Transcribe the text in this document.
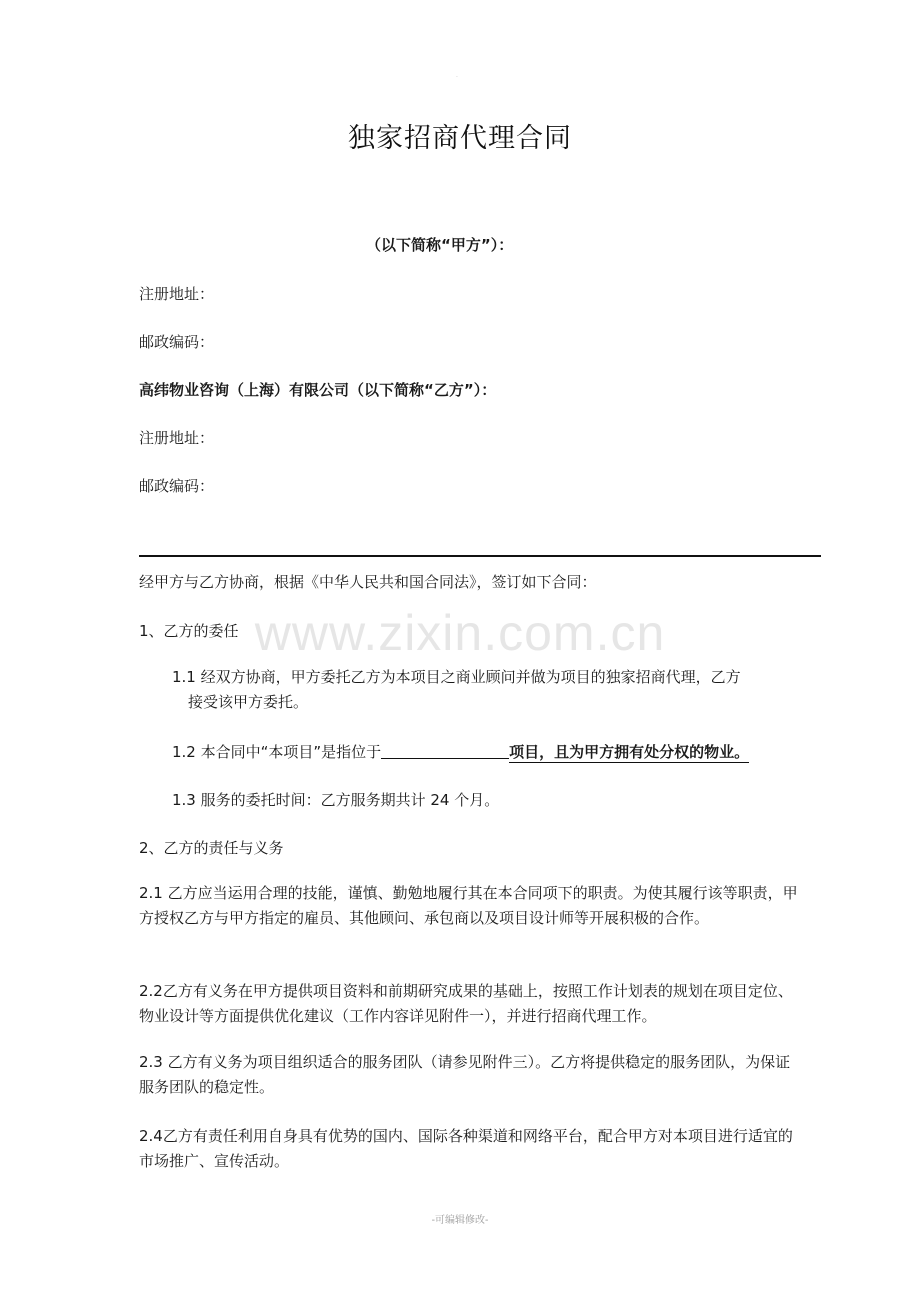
.
独家招商代理合同
（以下简称“甲方”）：
注册地址：
邮政编码：
高纬物业咨询（上海）有限公司（以下简称“乙方”）：
注册地址：
邮政编码：
www.zixin.com.cn
经甲方与乙方协商，根据《中华人民共和国合同法》，签订如下合同：
1、乙方的委任
1.1 经双方协商，甲方委托乙方为本项目之商业顾问并做为项目的独家招商代理，乙方
接受该甲方委托。
1.2 本合同中“本项目”是指位于	项目，且为甲方拥有处分权的物业。
1.3 服务的委托时间：乙方服务期共计 24 个月。
2、乙方的责任与义务
2.1 乙方应当运用合理的技能，谨慎、勤勉地履行其在本合同项下的职责。为使其履行该等职责，甲方授权乙方与甲方指定的雇员、其他顾问、承包商以及项目设计师等开展积极的合作。
2.2乙方有义务在甲方提供项目资料和前期研究成果的基础上，按照工作计划表的规划在项目定位、物业设计等方面提供优化建议（工作内容详见附件一），并进行招商代理工作。
2.3 乙方有义务为项目组织适合的服务团队（请参见附件三）。乙方将提供稳定的服务团队，为保证服务团队的稳定性。
2.4乙方有责任利用自身具有优势的国内、国际各种渠道和网络平台，配合甲方对本项目进行适宜的市场推广、宣传活动。
-可编辑修改-
